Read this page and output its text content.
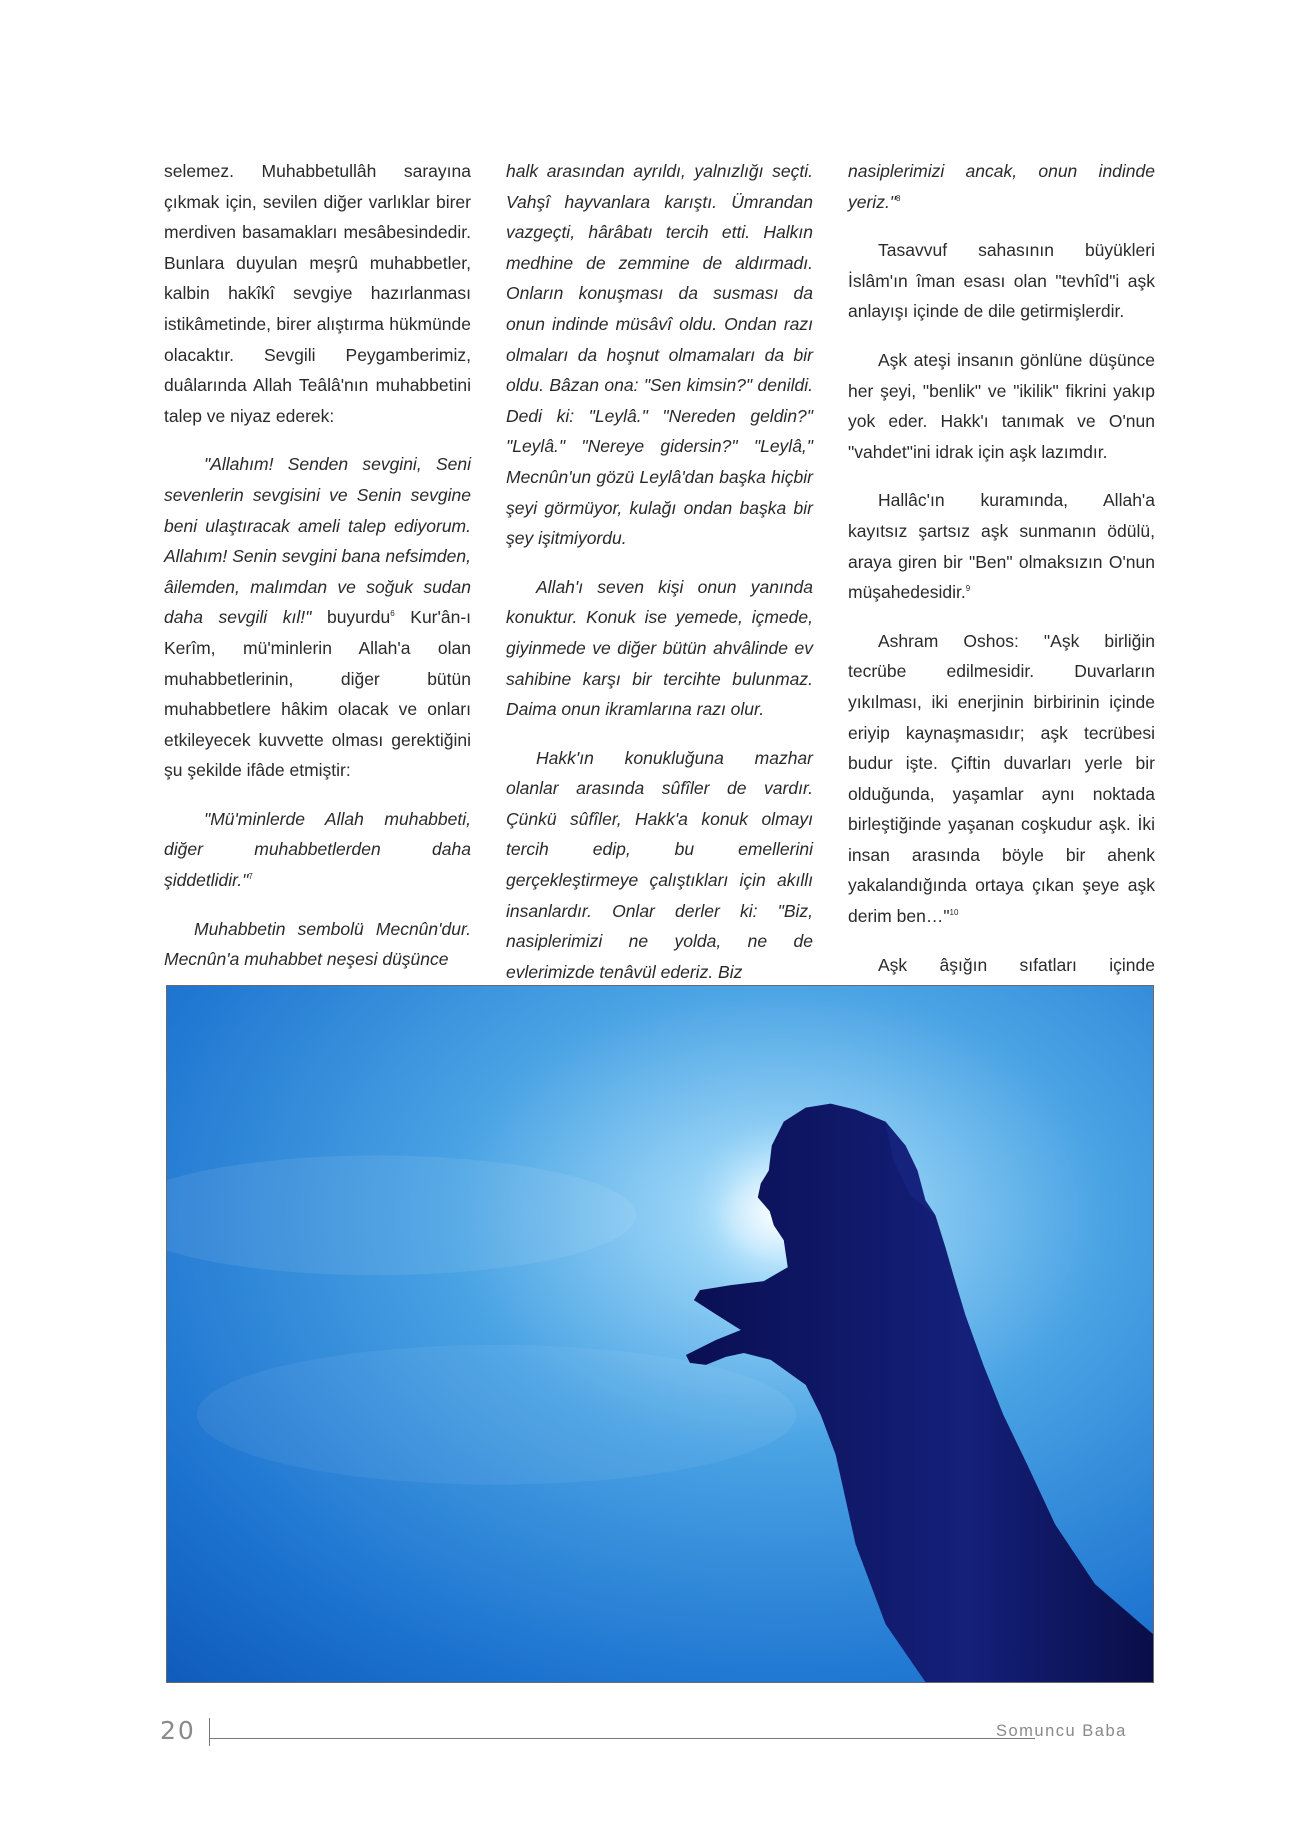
selemez. Muhabbetullâh sarayına çıkmak için, sevilen diğer varlıklar birer merdiven basamakları mesâbesindedir. Bunlara duyulan meşrû muhabbetler, kalbin hakîkî sevgiye hazırlanması istikâmetinde, birer alıştırma hükmünde olacaktır. Sevgili Peygamberimiz, duâlarında Allah Teâlâ'nın muhabbetini talep ve niyaz ederek:

"Allahım! Senden sevgini, Seni sevenlerin sevgisini ve Senin sevgine beni ulaştıracak ameli talep ediyorum. Allahım! Senin sevgini bana nefsimden, âilemden, malımdan ve soğuk sudan daha sevgili kıl!" buyurdu$^6$ Kur'ân-ı Kerîm, mü'minlerin Allah'a olan muhabbetlerinin, diğer bütün muhabbetlere hâkim olacak ve onları etkileyecek kuvvette olması gerektiğini şu şekilde ifâde etmiştir:

"Mü'minlerde Allah muhabbeti, diğer muhabbetlerden daha şiddetlidir."$^7$

Muhabbetin sembolü Mecnûn'dur. Mecnûn'a muhabbet neşesi düşünce

halk arasından ayrıldı, yalnızlığı seçti. Vahşî hayvanlara karıştı. Ümrandan vazgeçti, hârâbatı tercih etti. Halkın medhine de zemmine de aldırmadı. Onların konuşması da susması da onun indinde müsâvî oldu. Ondan razı olmaları da hoşnut olmamaları da bir oldu. Bâzan ona: "Sen kimsin?" denildi. Dedi ki: "Leylâ." "Nereden geldin?" "Leylâ." "Nereye gidersin?" "Leylâ," Mecnûn'un gözü Leylâ'dan başka hiçbir şeyi görmüyor, kulağı ondan başka bir şey işitmiyordu.

Allah'ı seven kişi onun yanında konuktur. Konuk ise yemede, içmede, giyinmede ve diğer bütün ahvâlinde ev sahibine karşı bir tercihte bulunmaz. Daima onun ikramlarına razı olur.

Hakk'ın konukluğuna mazhar olanlar arasında sûfîler de vardır. Çünkü sûfîler, Hakk'a konuk olmayı tercih edip, bu emellerini gerçekleştirmeye çalıştıkları için akıllı insanlardır. Onlar derler ki: "Biz, nasiplerimizi ne yolda, ne de evlerimizde tenâvül ederiz. Biz

nasiplerimizi ancak, onun indinde yeriz."$^8$

Tasavvuf sahasının büyükleri İslâm'ın îman esası olan "tevhîd"i aşk anlayışı içinde de dile getirmişlerdir.

Aşk ateşi insanın gönlüne düşünce her şeyi, "benlik" ve "ikilik" fikrini yakıp yok eder. Hakk'ı tanımak ve O'nun "vahdet"ini idrak için aşk lazımdır.

Hallâc'ın kuramında, Allah'a kayıtsız şartsız aşk sunmanın ödülü, araya giren bir "Ben" olmaksızın O'nun müşahedesidir.$^9$

Ashram Oshos: "Aşk birliğin tecrübe edilmesidir. Duvarların yıkılması, iki enerjinin birbirinin içinde eriyip kaynaşmasıdır; aşk tecrübesi budur işte. Çiftin duvarları yerle bir olduğunda, yaşamlar aynı noktada birleştiğinde yaşanan coşkudur aşk. İki insan arasında böyle bir ahenk yakalandığında ortaya çıkan şeye aşk derim ben…"$^{10}$

Aşk âşığın sıfatları içinde

20	Somuncu Baba
